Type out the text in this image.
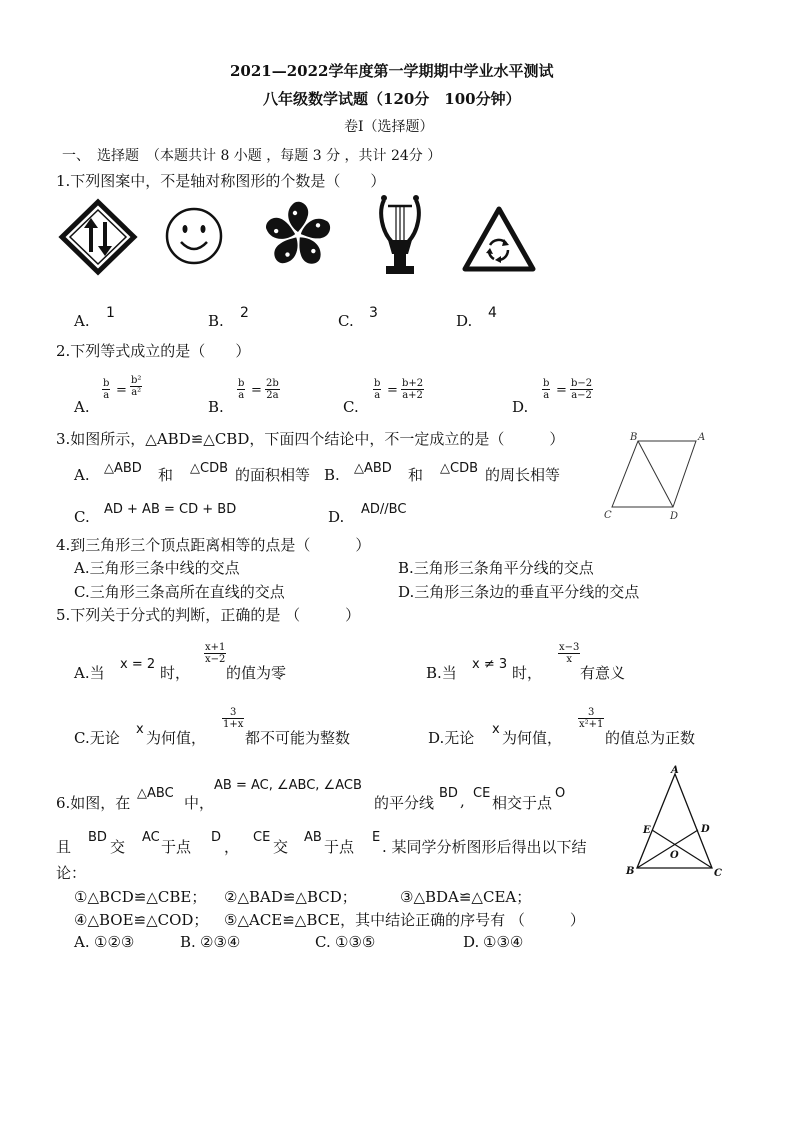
2021—2022学年度第一学期期中学业水平测试
八年级数学试题（120分　100分钟）
卷Ⅰ（选择题）
一、　选择题　（本题共计 8 小题 ，每题 3 分 ，共计 24分 ）
1.下列图案中，不是轴对称图形的个数是（　　）
A. 1	B. 2	C. 3	D. 4
2.下列等式成立的是（　　）
A.
$\frac{b}{a} = \frac{\text{b²}}{\text{a²}}$
B.
$\frac{b}{a} = \frac{2b}{2a}$
C.
$\frac{b}{a} = \frac{b+2}{a+2}$
D.
$\frac{b}{a} = \frac{b-2}{a-2}$
3.如图所示，△ABD≌△CBD，下面四个结论中，不一定成立的是（　　　）
A. △ABD 和 △CDB 的面积相等 B. △ABD 和 △CDB 的周长相等
C. AD + AB = CD + BD	D. AD//BC
B	A
C	D
4.到三角形三个顶点距离相等的点是（　　　）
A.三角形三条中线的交点	B.三角形三条角平分线的交点
C.三角形三条高所在直线的交点	D.三角形三条边的垂直平分线的交点
5.下列关于分式的判断，正确的是 （　　　）
A.当 x = 2 时，
$\frac{x+1}{x-2}$
的值为零	B.当 x ≠ 3 时，
$\frac{x-3}{x}$
有意义
C.无论 x 为何值，
$\frac{3}{1+x}$
都不可能为整数	D.无论 x 为何值，
$\frac{3}{\text{x²+1}}$
的值总为正数
6.如图，在
△ABC
中，
AB = AC, ∠ABC, ∠ACB
的平分线
BD , CE
相交于点
O
且
BD
交
AC
于点
D
，
CE
交
AB
于点
E
. 某同学分析图形后得出以下结
论：
①△BCD≌△CBE； ②△BAD≌△BCD；	③△BDA≌△CEA；
④△BOE≌△COD； ⑤△ACE≌△BCE，其中结论正确的序号有 （　　　）
A. ①②③	B. ②③④	C. ①③⑤	D. ①③④
A
B	C
D
E
O
